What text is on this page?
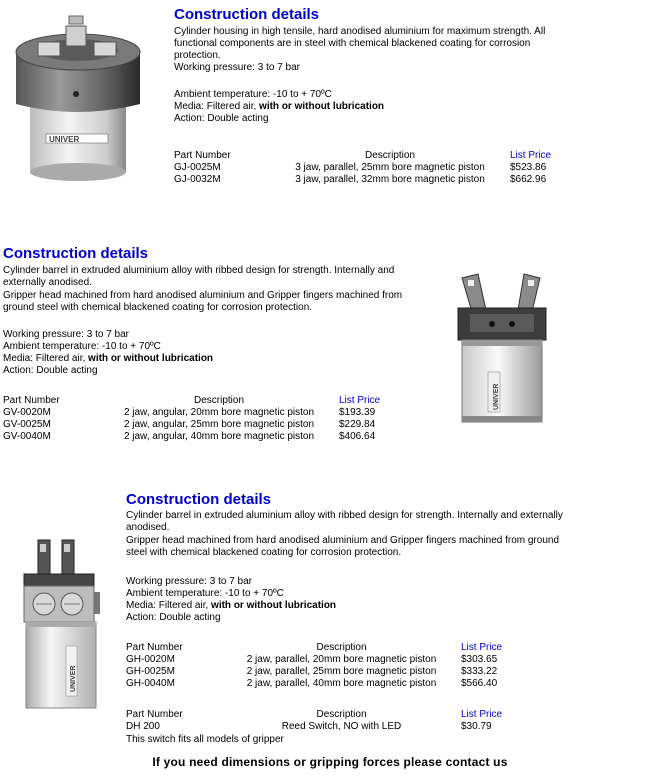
UNIVER
Construction details
Cylinder housing in high tensile, hard anodised aluminium for maximum strength. All functional components are in steel with chemical blackened coating for corrosion protection.
Working pressure: 3 to 7 bar
Ambient temperature: -10 to + 70ºC
Media: Filtered air, with or without lubrication
Action: Double acting
Part Number	Description	List Price
GJ-0025M	3 jaw, parallel, 25mm bore magnetic piston	$523.86
GJ-0032M	3 jaw, parallel, 32mm bore magnetic piston	$662.96
Construction details
Cylinder barrel in extruded aluminium alloy with ribbed design for strength. Internally and externally anodised.
Gripper head machined from hard anodised aluminium and Gripper fingers machined from ground steel with chemical blackened coating for corrosion protection.
Working pressure: 3 to 7 bar
Ambient temperature: -10 to + 70ºC
Media: Filtered air, with or without lubrication
Action: Double acting
Part Number	Description	List Price
GV-0020M	2 jaw, angular, 20mm bore magnetic piston	$193.39
GV-0025M	2 jaw, angular, 25mm bore magnetic piston	$229.84
GV-0040M	2 jaw, angular, 40mm bore magnetic piston	$406.64
UNIVER
UNIVER
Construction details
Cylinder barrel in extruded aluminium alloy with ribbed design for strength. Internally and externally anodised.
Gripper head machined from hard anodised aluminium and Gripper fingers machined from ground steel with chemical blackened coating for corrosion protection.
Working pressure: 3 to 7 bar
Ambient temperature: -10 to + 70ºC
Media: Filtered air, with or without lubrication
Action: Double acting
Part Number	Description	List Price
GH-0020M	2 jaw, parallel, 20mm bore magnetic piston	$303.65
GH-0025M	2 jaw, parallel, 25mm bore magnetic piston	$333.22
GH-0040M	2 jaw, parallel, 40mm bore magnetic piston	$566.40
Part Number	Description	List Price
DH 200	Reed Switch, NO with LED	$30.79
This switch fits all models of gripper
If you need dimensions or gripping forces please contact us
